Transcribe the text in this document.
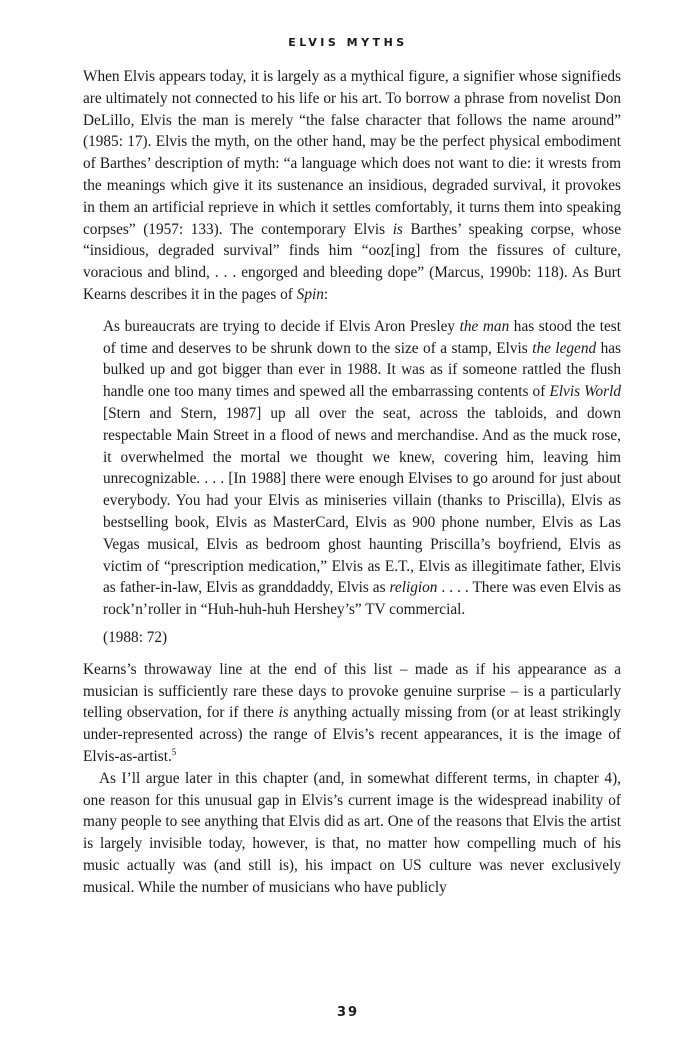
ELVIS MYTHS

When Elvis appears today, it is largely as a mythical figure, a signifier whose signifieds are ultimately not connected to his life or his art. To borrow a phrase from novelist Don DeLillo, Elvis the man is merely “the false character that follows the name around” (1985: 17). Elvis the myth, on the other hand, may be the perfect physical embodiment of Barthes’ description of myth: “a language which does not want to die: it wrests from the meanings which give it its sustenance an insidious, degraded survival, it provokes in them an artificial reprieve in which it settles comfortably, it turns them into speaking corpses” (1957: 133). The contemporary Elvis is Barthes’ speaking corpse, whose “insidious, degraded survival” finds him “ooz[ing] from the fissures of culture, voracious and blind, . . . engorged and bleeding dope” (Marcus, 1990b: 118). As Burt Kearns describes it in the pages of Spin:

As bureaucrats are trying to decide if Elvis Aron Presley the man has stood the test of time and deserves to be shrunk down to the size of a stamp, Elvis the legend has bulked up and got bigger than ever in 1988. It was as if someone rattled the flush handle one too many times and spewed all the embarrassing contents of Elvis World [Stern and Stern, 1987] up all over the seat, across the tabloids, and down respectable Main Street in a flood of news and merchandise. And as the muck rose, it overwhelmed the mortal we thought we knew, covering him, leaving him unrecognizable. . . . [In 1988] there were enough Elvises to go around for just about everybody. You had your Elvis as miniseries villain (thanks to Priscilla), Elvis as bestselling book, Elvis as MasterCard, Elvis as 900 phone number, Elvis as Las Vegas musical, Elvis as bedroom ghost haunting Priscilla’s boyfriend, Elvis as victim of “prescription medication,” Elvis as E.T., Elvis as illegitimate father, Elvis as father-in-law, Elvis as granddaddy, Elvis as religion . . . . There was even Elvis as rock’n’roller in “Huh-huh-huh Hershey’s” TV commercial.

(1988: 72)

Kearns’s throwaway line at the end of this list – made as if his appearance as a musician is sufficiently rare these days to provoke genuine surprise – is a particularly telling observation, for if there is anything actually missing from (or at least strikingly under-represented across) the range of Elvis’s recent appearances, it is the image of Elvis-as-artist.$^5$

As I’ll argue later in this chapter (and, in somewhat different terms, in chapter 4), one reason for this unusual gap in Elvis’s current image is the widespread inability of many people to see anything that Elvis did as art. One of the reasons that Elvis the artist is largely invisible today, however, is that, no matter how compelling much of his music actually was (and still is), his impact on US culture was never exclusively musical. While the number of musicians who have publicly

39
